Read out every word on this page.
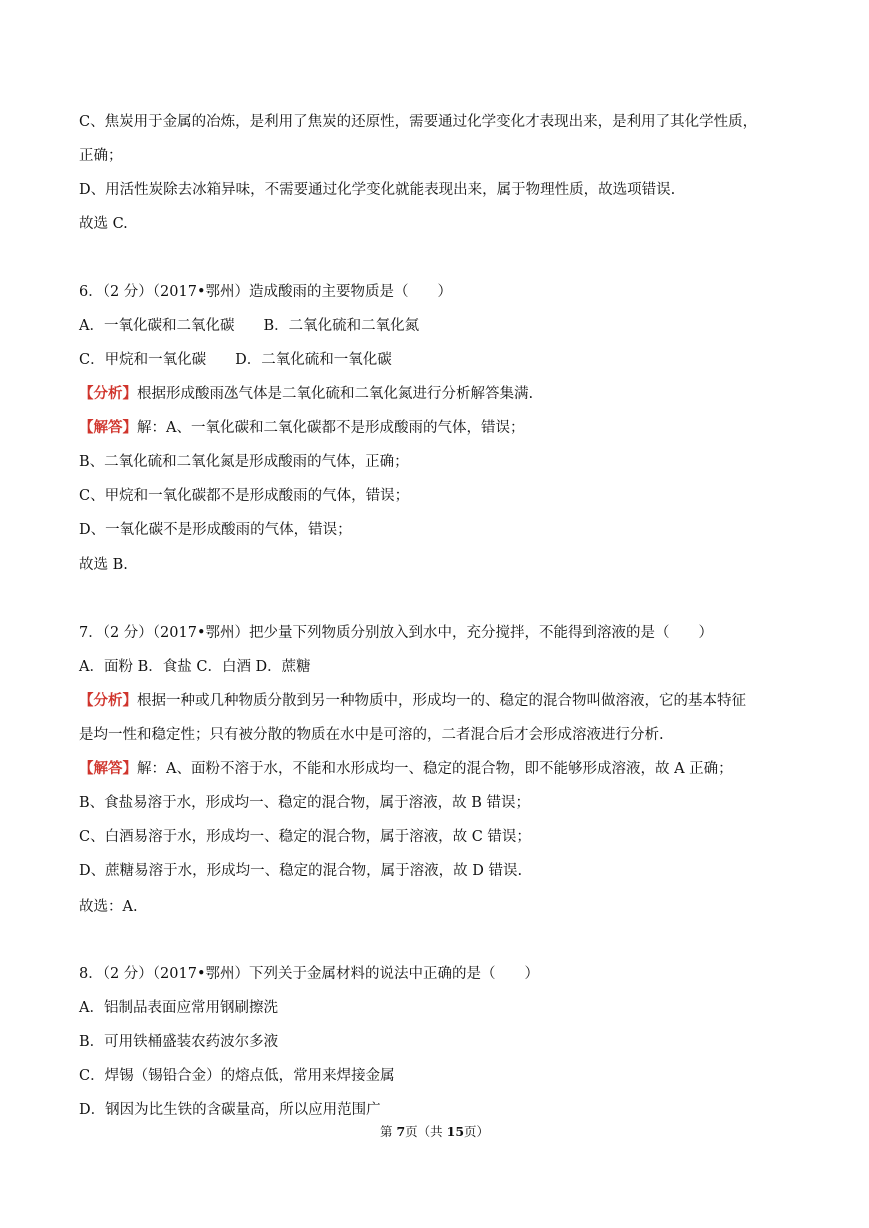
C、焦炭用于金属的冶炼，是利用了焦炭的还原性，需要通过化学变化才表现出来，是利用了其化学性质，
正确；
D、用活性炭除去冰箱异味，不需要通过化学变化就能表现出来，属于物理性质，故选项错误.
故选 C.
6．（2 分）（2017•鄂州）造成酸雨的主要物质是（　　）
A．一氧化碳和二氧化碳　　B．二氧化硫和二氧化氮
C．甲烷和一氧化碳　　D．二氧化硫和一氧化碳
【分析】根据形成酸雨氹气体是二氧化硫和二氧化氮进行分析解答集满.
【解答】解：A、一氧化碳和二氧化碳都不是形成酸雨的气体，错误；
B、二氧化硫和二氧化氮是形成酸雨的气体，正确；
C、甲烷和一氧化碳都不是形成酸雨的气体，错误；
D、一氧化碳不是形成酸雨的气体，错误；
故选 B.
7．（2 分）（2017•鄂州）把少量下列物质分别放入到水中，充分搅拌，不能得到溶液的是（　　）
A．面粉 B．食盐 C．白酒 D．蔗糖
【分析】根据一种或几种物质分散到另一种物质中，形成均一的、稳定的混合物叫做溶液，它的基本特征
是均一性和稳定性；只有被分散的物质在水中是可溶的，二者混合后才会形成溶液进行分析.
【解答】解：A、面粉不溶于水，不能和水形成均一、稳定的混合物，即不能够形成溶液，故 A 正确；
B、食盐易溶于水，形成均一、稳定的混合物，属于溶液，故 B 错误；
C、白酒易溶于水，形成均一、稳定的混合物，属于溶液，故 C 错误；
D、蔗糖易溶于水，形成均一、稳定的混合物，属于溶液，故 D 错误.
故选：A.
8．（2 分）（2017•鄂州）下列关于金属材料的说法中正确的是（　　）
A．铝制品表面应常用钢刷擦洗
B．可用铁桶盛装农药波尔多液
C．焊锡（锡铅合金）的熔点低，常用来焊接金属
D．钢因为比生铁的含碳量高，所以应用范围广
第 7页（共 15页）
